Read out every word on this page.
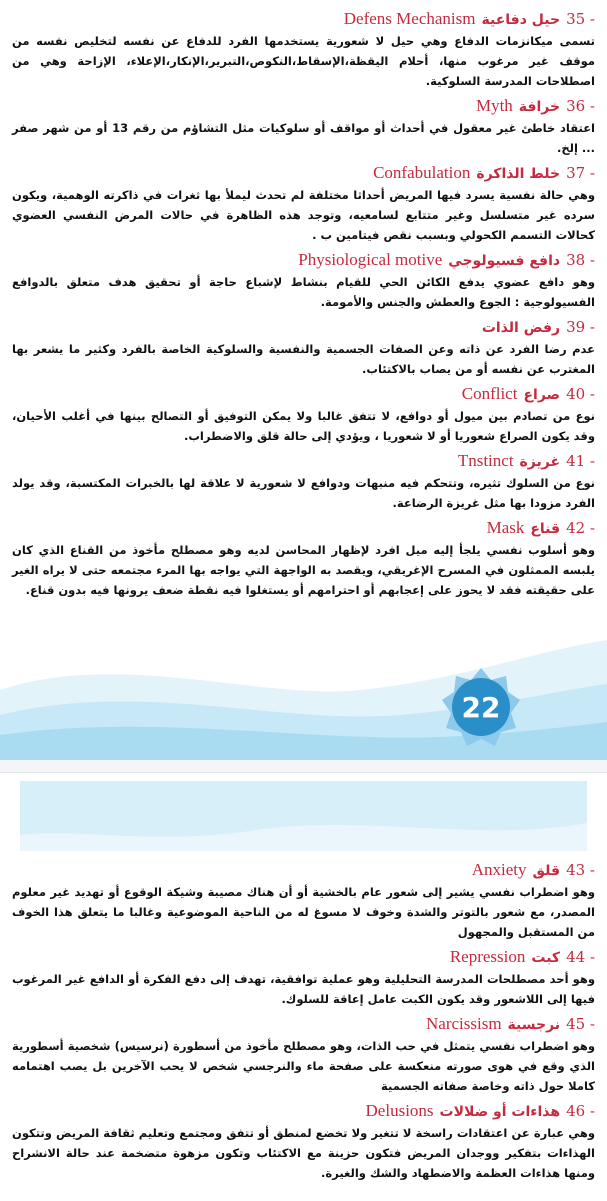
35 -
حيل دفاعية
Defens Mechanism
تسمى ميكانزمات الدفاع وهي حيل لا شعورية يستخدمها الفرد للدفاع عن نفسه لتخليص نفسه من موقف غير مرغوب منها، أحلام اليقظة،الإسقاط،النكوص،التبرير،الإنكار،الإعلاء، الإزاحة وهي من اصطلاحات المدرسة السلوكية.
36 -
خرافة
Myth
اعتقاد خاطئ غير معقول في أحداث أو مواقف أو سلوكيات مثل التشاؤم من رقم 13 أو من شهر صفر ... إلخ.
37 -
خلط الذاكرة
Confabulation
وهي حالة نفسية يسرد فيها المريض أحداثا مختلفة لم تحدث ليملأ بها ثغرات في ذاكرته الوهمية، ويكون سرده غير متسلسل وغير متتابع لسامعيه، وتوجد هذه الظاهرة في حالات المرض النفسي العضوي كحالات التسمم الكحولي وبسبب نقص فيتامين ب .
38 -
دافع فسيولوجي
Physiological motive
وهو دافع عضوي يدفع الكائن الحي للقيام بنشاط لإشباع حاجة أو تحقيق هدف متعلق بالدوافع الفسيولوجية : الجوع والعطش والجنس والأمومة.
39 -
رفض الذات
عدم رضا الفرد عن ذاته وعن الصفات الجسمية والنفسية والسلوكية الخاصة بالفرد وكثير ما يشعر بها المغترب عن نفسه أو من يصاب بالاكتئاب.
40 -
صراع
Conflict
نوع من تصادم بين ميول أو دوافع، لا تتفق غالبا ولا يمكن التوفيق أو التصالح بينها في أغلب الأحيان، وقد يكون الصراع شعوريا أو لا شعوريا ، ويؤدي إلى حالة قلق والاضطراب.
41 -
غريزة
Tnstinct
نوع من السلوك تثيره، وتتحكم فيه منبهات ودوافع لا شعورية لا علاقة لها بالخبرات المكتسبة، وقد يولد الفرد مزودا بها مثل غريزة الرضاعة.
42 -
قناع
Mask
وهو أسلوب نفسي يلجأ إليه ميل افرد لإظهار المحاسن لديه وهو مصطلح مأخوذ من القناع الذي كان يلبسه الممثلون في المسرح الإغريقي، ويقصد به الواجهة التي يواجه بها المرء مجتمعه حتى لا يراه الغير على حقيقته فقد لا يحوز على إعجابهم أو احترامهم أو يستغلوا فيه نقطة ضعف يرونها فيه بدون قناع.
22
43 -
قلق
Anxiety
وهو اضطراب نفسي يشير إلى شعور عام بالخشية أو أن هناك مصيبة وشيكة الوقوع أو تهديد غير معلوم المصدر، مع شعور بالتوتر والشدة وخوف لا مسوغ له من الناحية الموضوعية وغالبا ما يتعلق هذا الخوف من المستقبل والمجهول
44 -
كبت
Repression
وهو أحد مصطلحات المدرسة التحليلية وهو عملية توافقية، تهدف إلى دفع الفكرة أو الدافع غير المرغوب فيها إلى اللاشعور وقد يكون الكبت عامل إعاقة للسلوك.
45 -
نرجسية
Narcissism
وهو اضطراب نفسي يتمثل في حب الذات، وهو مصطلح مأخوذ من أسطورة (نرسيس) شخصية أسطورية الذي وقع في هوى صورته منعكسة على صفحة ماء والنرجسي شخص لا يحب الآخرين بل يصب اهتمامه كاملا حول ذاته وخاصة صفاته الجسمية
46 -
هذاءات أو ضلالات
Delusions
وهي عبارة عن اعتقادات راسخة لا تتغير ولا تخضع لمنطق أو تتفق ومجتمع وتعليم ثقافة المريض وتتكون الهذاءات بتفكير ووجدان المريض فتكون حزينة مع الاكتئاب وتكون مزهوة متضخمة عند حالة الانشراح ومنها هذاءات العظمة والاضطهاد والشك والغيرة.
